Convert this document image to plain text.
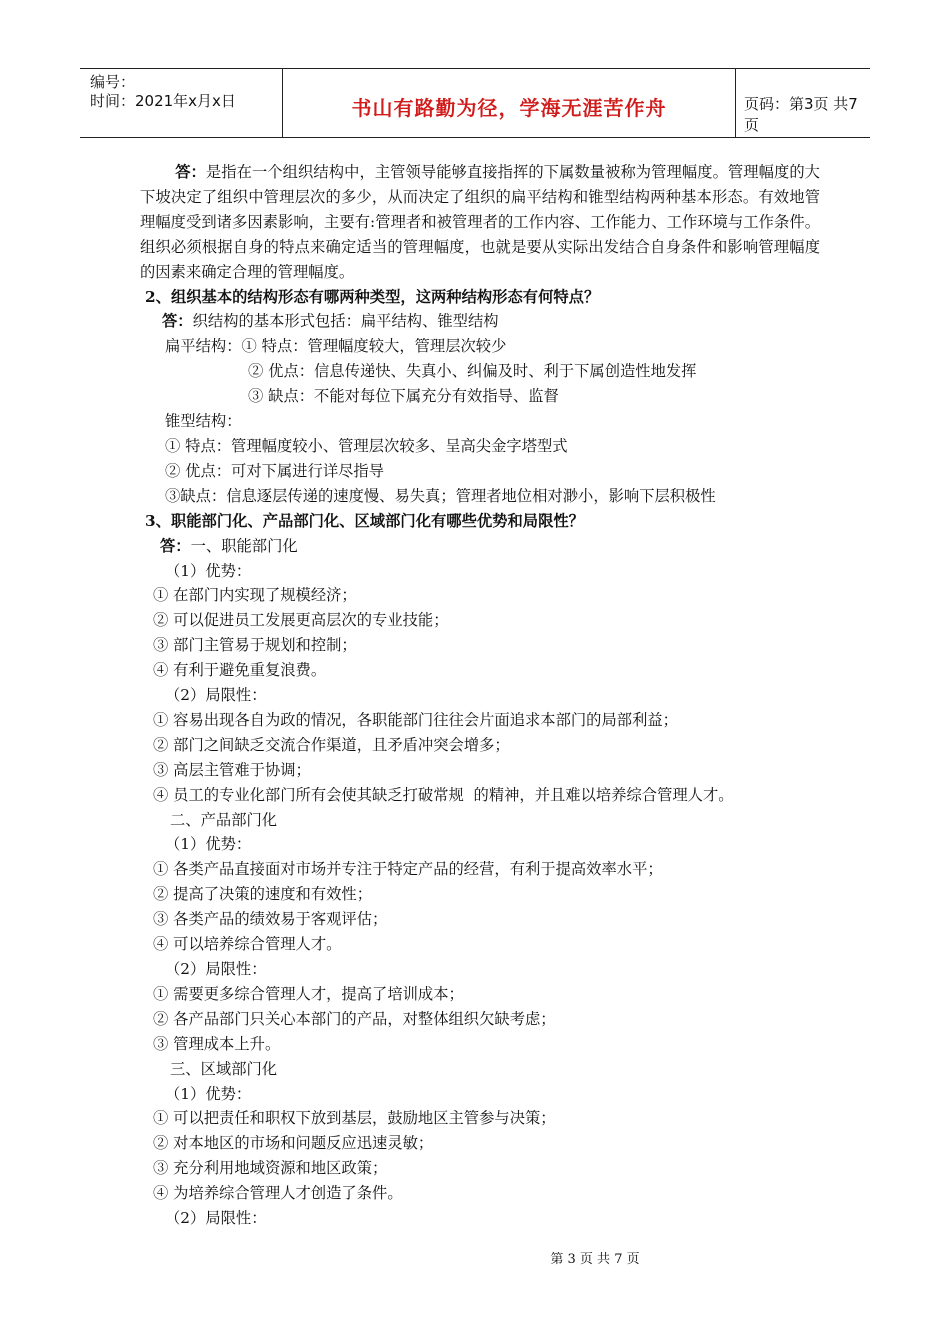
编号：
时间：2021年x月x日	书山有路勤为径，学海无涯苦作舟	页码：第3页 共7页

答：是指在一个组织结构中，主管领导能够直接指挥的下属数量被称为管理幅度。管理幅度的大下坡决定了组织中管理层次的多少，从而决定了组织的扁平结构和锥型结构两种基本形态。有效地管理幅度受到诸多因素影响，主要有:管理者和被管理者的工作内容、工作能力、工作环境与工作条件。组织必须根据自身的特点来确定适当的管理幅度，也就是要从实际出发结合自身条件和影响管理幅度的因素来确定合理的管理幅度。

2、组织基本的结构形态有哪两种类型，这两种结构形态有何特点？

答：织结构的基本形式包括：扁平结构、锥型结构

扁平结构：① 特点：管理幅度较大，管理层次较少

② 优点：信息传递快、失真小、纠偏及时、利于下属创造性地发挥

③ 缺点：不能对每位下属充分有效指导、监督

锥型结构：

① 特点：管理幅度较小、管理层次较多、呈高尖金字塔型式

② 优点：可对下属进行详尽指导

③缺点：信息逐层传递的速度慢、易失真；管理者地位相对渺小，影响下层积极性

3、职能部门化、产品部门化、区域部门化有哪些优势和局限性？

答：一、职能部门化

（1）优势：

① 在部门内实现了规模经济；

② 可以促进员工发展更高层次的专业技能；

③ 部门主管易于规划和控制；

④ 有利于避免重复浪费。

（2）局限性：

① 容易出现各自为政的情况，各职能部门往往会片面追求本部门的局部利益；

② 部门之间缺乏交流合作渠道，且矛盾冲突会增多；

③ 高层主管难于协调；

④ 员工的专业化部门所有会使其缺乏打破常规  的精神，并且难以培养综合管理人才。

二、产品部门化

（1）优势：

① 各类产品直接面对市场并专注于特定产品的经营，有利于提高效率水平；

② 提高了决策的速度和有效性；

③ 各类产品的绩效易于客观评估；

④ 可以培养综合管理人才。

（2）局限性：

① 需要更多综合管理人才，提高了培训成本；

② 各产品部门只关心本部门的产品，对整体组织欠缺考虑；

③ 管理成本上升。

三、区域部门化

（1）优势：

① 可以把责任和职权下放到基层，鼓励地区主管参与决策；

② 对本地区的市场和问题反应迅速灵敏；

③ 充分利用地域资源和地区政策；

④ 为培养综合管理人才创造了条件。

（2）局限性：

第 3 页 共 7 页
